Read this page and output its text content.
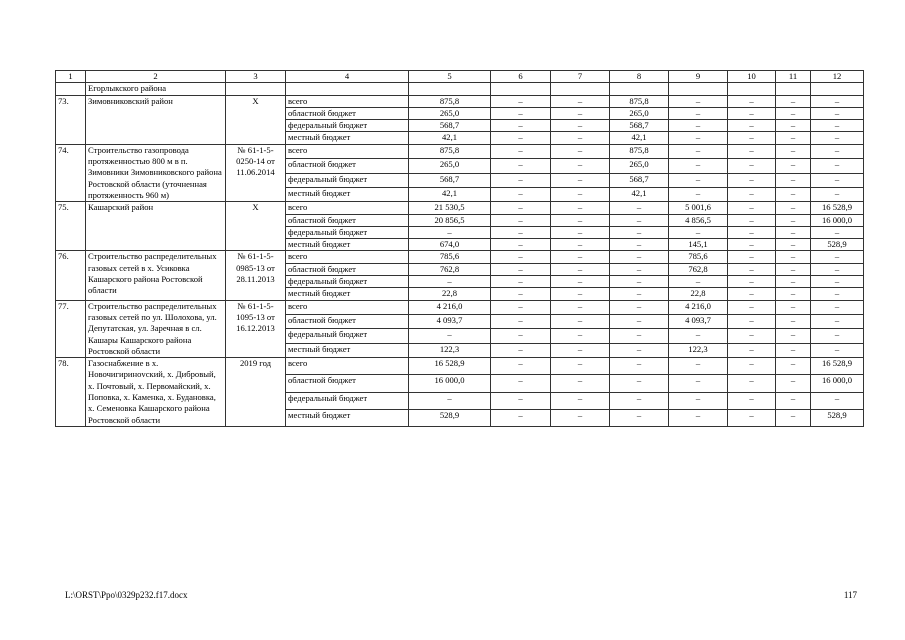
1	2	3	4	5	6	7	8	9	10	11	12
	Егорлыкского района										
73.	Зимовниковский район	Х	всего	875,8	–	–	875,8	–	–	–	–
			областной бюджет	265,0	–	–	265,0	–	–	–	–
			федеральный бюджет	568,7	–	–	568,7	–	–	–	–
			местный бюджет	42,1	–	–	42,1	–	–	–	–
74.	Строительство газопровода протяженностью 800 м в п. Зимовники Зимовниковского района Ростовской области (уточненная протяженность 960 м)	№ 61-1-5-0250-14 от 11.06.2014	всего	875,8	–	–	875,8	–	–	–	–
			областной бюджет	265,0	–	–	265,0	–	–	–	–
			федеральный бюджет	568,7	–	–	568,7	–	–	–	–
			местный бюджет	42,1	–	–	42,1	–	–	–	–
75.	Кашарский район	Х	всего	21 530,5	–	–	–	5 001,6	–	–	16 528,9
			областной бюджет	20 856,5	–	–	–	4 856,5	–	–	16 000,0
			федеральный бюджет	–	–	–	–	–	–	–	–
			местный бюджет	674,0	–	–	–	145,1	–	–	528,9
76.	Строительство распределительных газовых сетей в х. Усиковка Кашарского района Ростовской области	№ 61-1-5-0985-13 от 28.11.2013	всего	785,6	–	–	–	785,6	–	–	–
			областной бюджет	762,8	–	–	–	762,8	–	–	–
			федеральный бюджет	–	–	–	–	–	–	–	–
			местный бюджет	22,8	–	–	–	22,8	–	–	–
77.	Строительство распределительных газовых сетей по ул. Шолохова, ул. Депутатская, ул. Заречная в сл. Кашары Кашарского района Ростовской области	№ 61-1-5-1095-13 от 16.12.2013	всего	4 216,0	–	–	–	4 216,0	–	–	–
			областной бюджет	4 093,7	–	–	–	4 093,7	–	–	–
			федеральный бюджет	–	–	–	–	–	–	–	–
			местный бюджет	122,3	–	–	–	122,3	–	–	–
78.	Газоснабжение в х. Новочигиринovский, х. Дибровый, х. Почтовый, х. Первомайский, х. Поповка, х. Каменка, х. Будановка, х. Семеновка Кашарского района Ростовской области	2019 год	всего	16 528,9	–	–	–	–	–	–	16 528,9
			областной бюджет	16 000,0	–	–	–	–	–	–	16 000,0
			федеральный бюджет	–	–	–	–	–	–	–	–
			местный бюджет	528,9	–	–	–	–	–	–	528,9
L:\ORST\Ppo\0329p232.f17.docx	117
